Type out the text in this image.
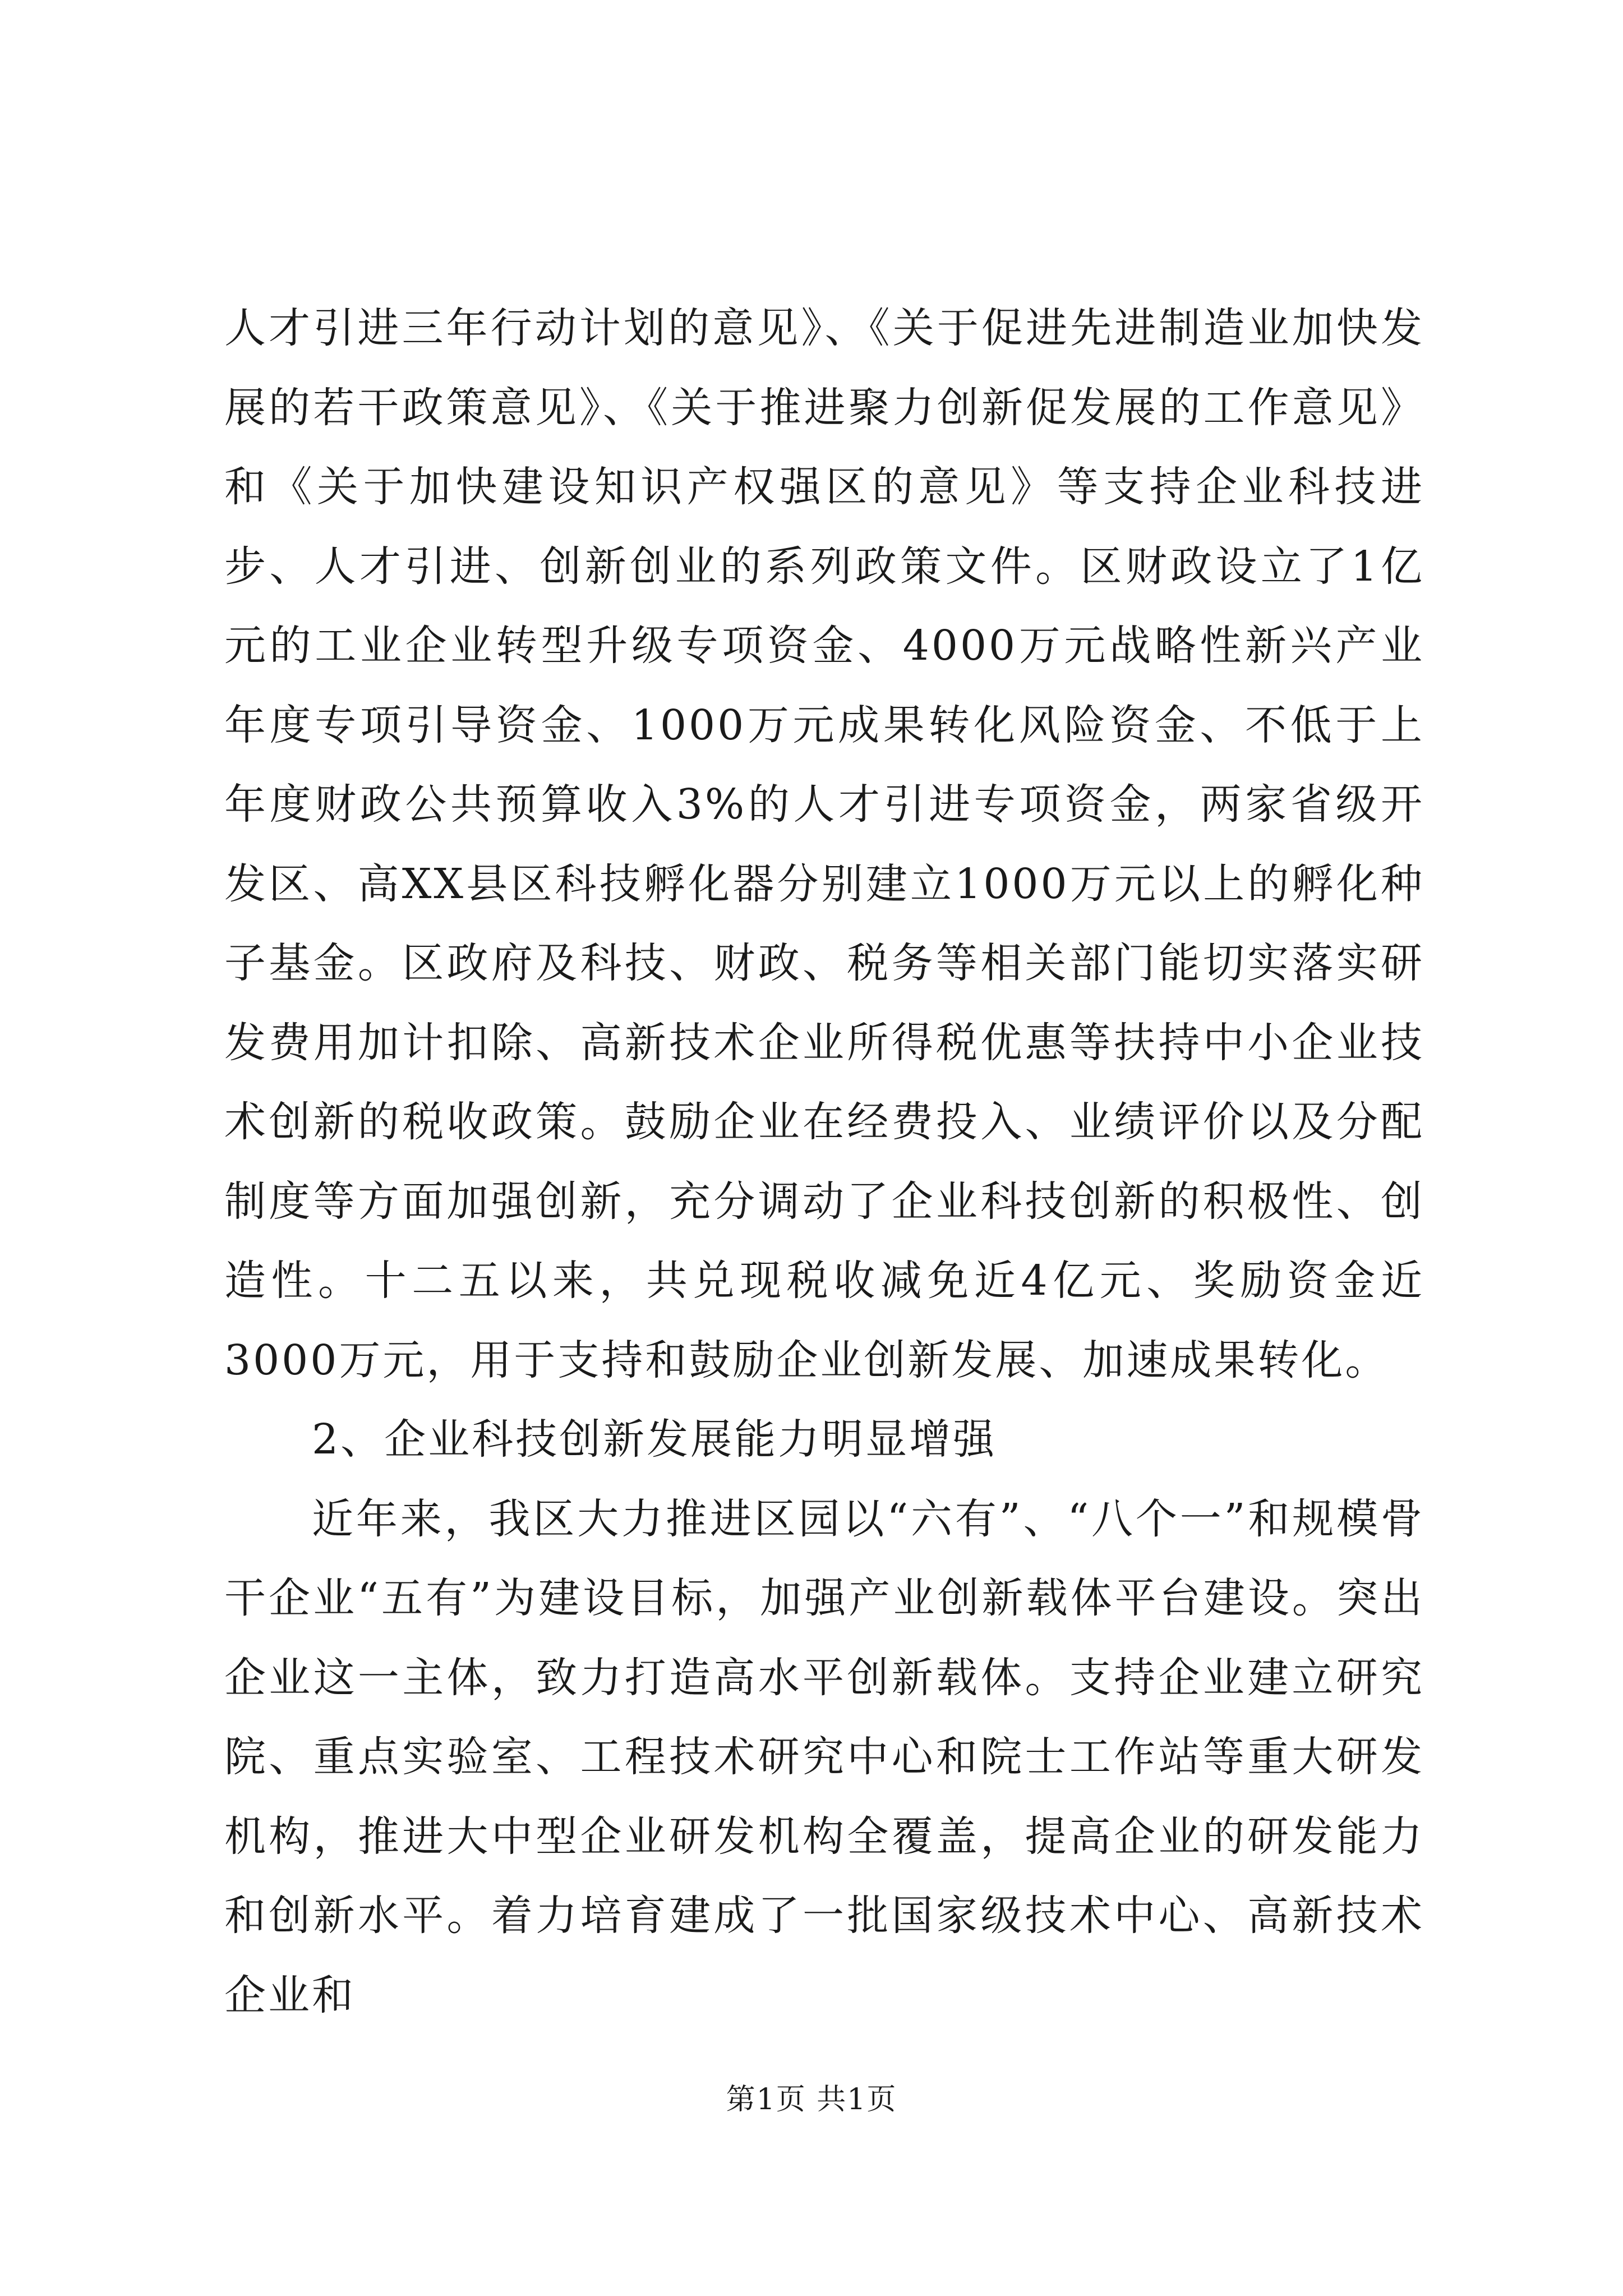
人才引进三年行动计划的意见》、《关于促进先进制造业加快发展的若干政策意见》、《关于推进聚力创新促发展的工作意见》和《关于加快建设知识产权强区的意见》等支持企业科技进步、人才引进、创新创业的系列政策文件。区财政设立了1亿元的工业企业转型升级专项资金、4000万元战略性新兴产业年度专项引导资金、1000万元成果转化风险资金、不低于上年度财政公共预算收入3%的人才引进专项资金，两家省级开发区、高XX县区科技孵化器分别建立1000万元以上的孵化种子基金。区政府及科技、财政、税务等相关部门能切实落实研发费用加计扣除、高新技术企业所得税优惠等扶持中小企业技术创新的税收政策。鼓励企业在经费投入、业绩评价以及分配制度等方面加强创新，充分调动了企业科技创新的积极性、创造性。十二五以来，共兑现税收减免近4亿元、奖励资金近3000万元，用于支持和鼓励企业创新发展、加速成果转化。

2、企业科技创新发展能力明显增强

近年来，我区大力推进区园以“六有”、“八个一”和规模骨干企业“五有”为建设目标，加强产业创新载体平台建设。突出企业这一主体，致力打造高水平创新载体。支持企业建立研究院、重点实验室、工程技术研究中心和院士工作站等重大研发机构，推进大中型企业研发机构全覆盖，提高企业的研发能力和创新水平。着力培育建成了一批国家级技术中心、高新技术企业和

第1页 共1页
